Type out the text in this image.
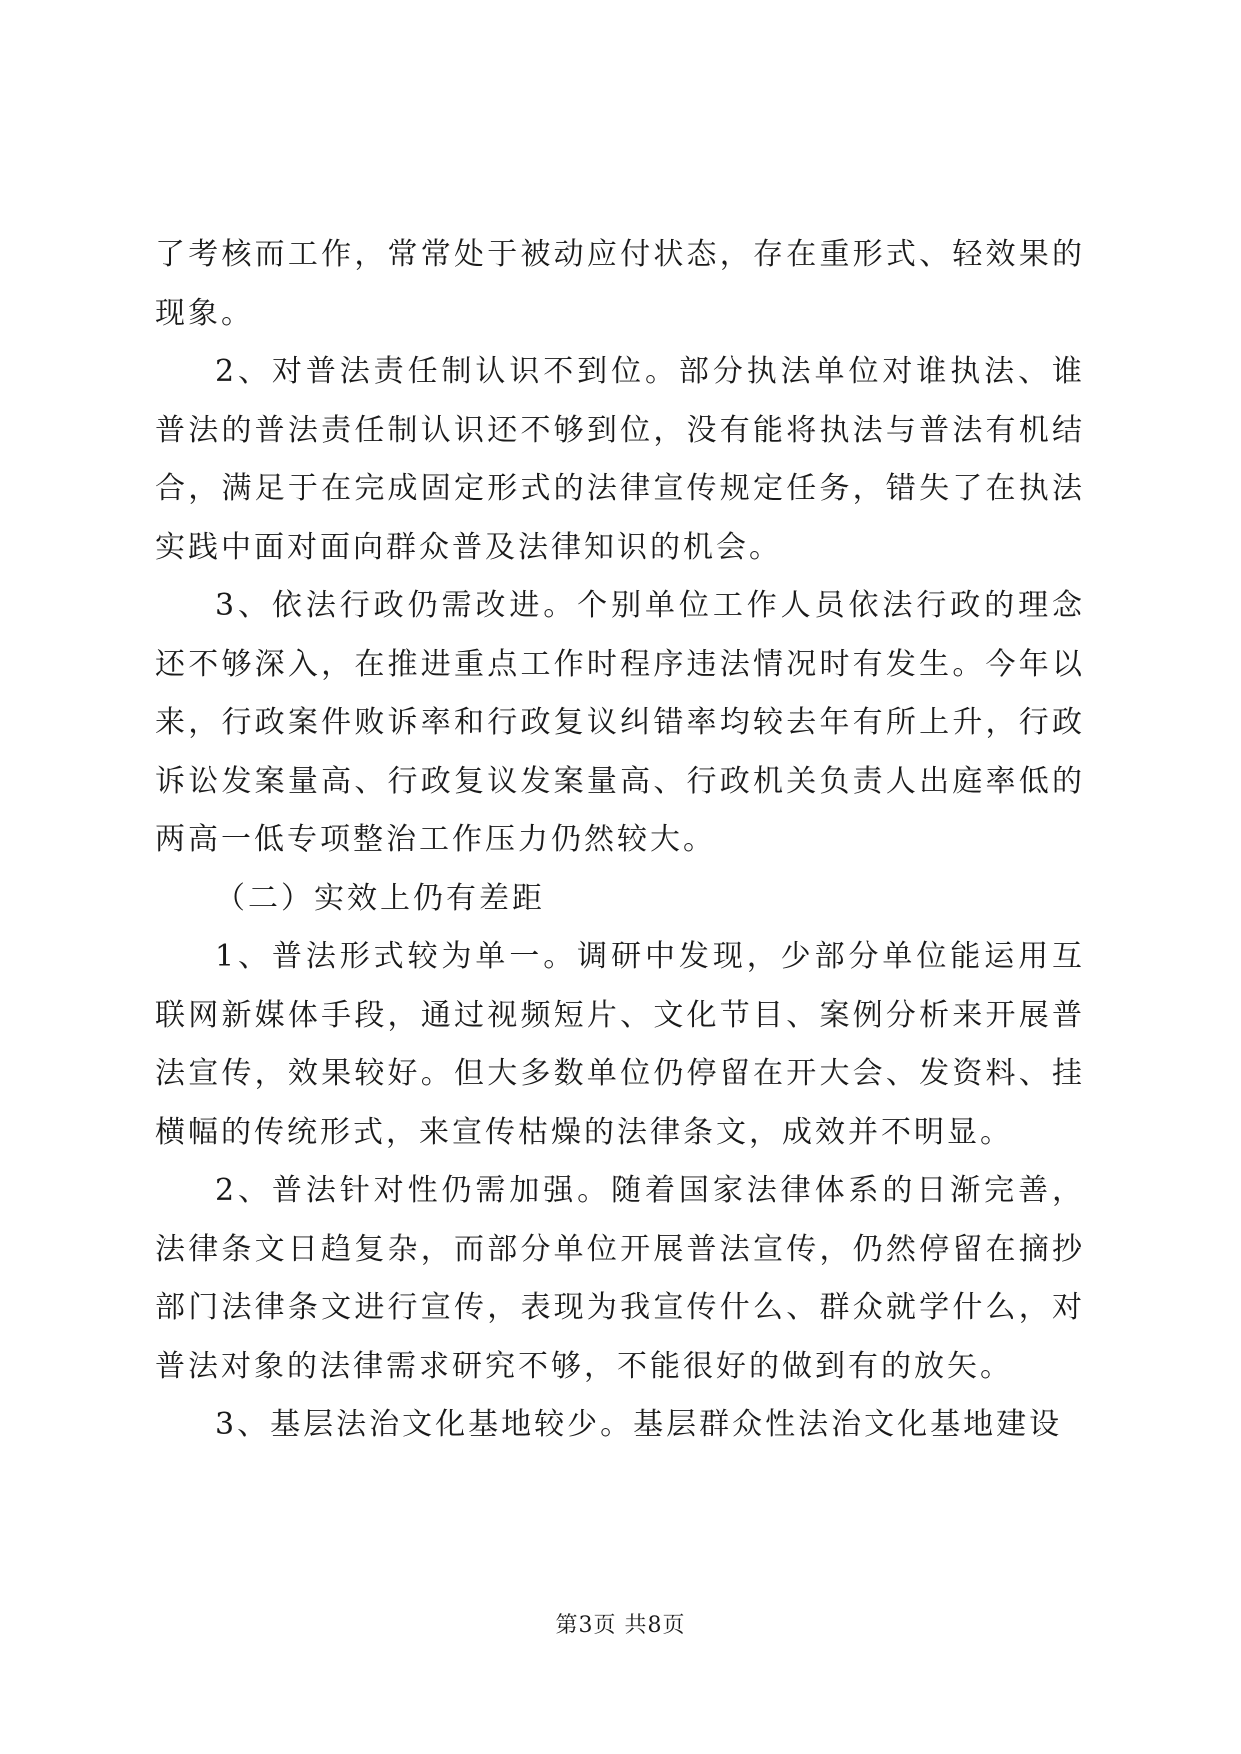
了考核而工作，常常处于被动应付状态，存在重形式、轻效果的现象。

2、对普法责任制认识不到位。部分执法单位对谁执法、谁普法的普法责任制认识还不够到位，没有能将执法与普法有机结合，满足于在完成固定形式的法律宣传规定任务，错失了在执法实践中面对面向群众普及法律知识的机会。

3、依法行政仍需改进。个别单位工作人员依法行政的理念还不够深入，在推进重点工作时程序违法情况时有发生。今年以来，行政案件败诉率和行政复议纠错率均较去年有所上升，行政诉讼发案量高、行政复议发案量高、行政机关负责人出庭率低的两高一低专项整治工作压力仍然较大。

（二）实效上仍有差距

1、普法形式较为单一。调研中发现，少部分单位能运用互联网新媒体手段，通过视频短片、文化节目、案例分析来开展普法宣传，效果较好。但大多数单位仍停留在开大会、发资料、挂横幅的传统形式，来宣传枯燥的法律条文，成效并不明显。

2、普法针对性仍需加强。随着国家法律体系的日渐完善，法律条文日趋复杂，而部分单位开展普法宣传，仍然停留在摘抄部门法律条文进行宣传，表现为我宣传什么、群众就学什么，对普法对象的法律需求研究不够，不能很好的做到有的放矢。

3、基层法治文化基地较少。基层群众性法治文化基地建设

第3页 共8页
